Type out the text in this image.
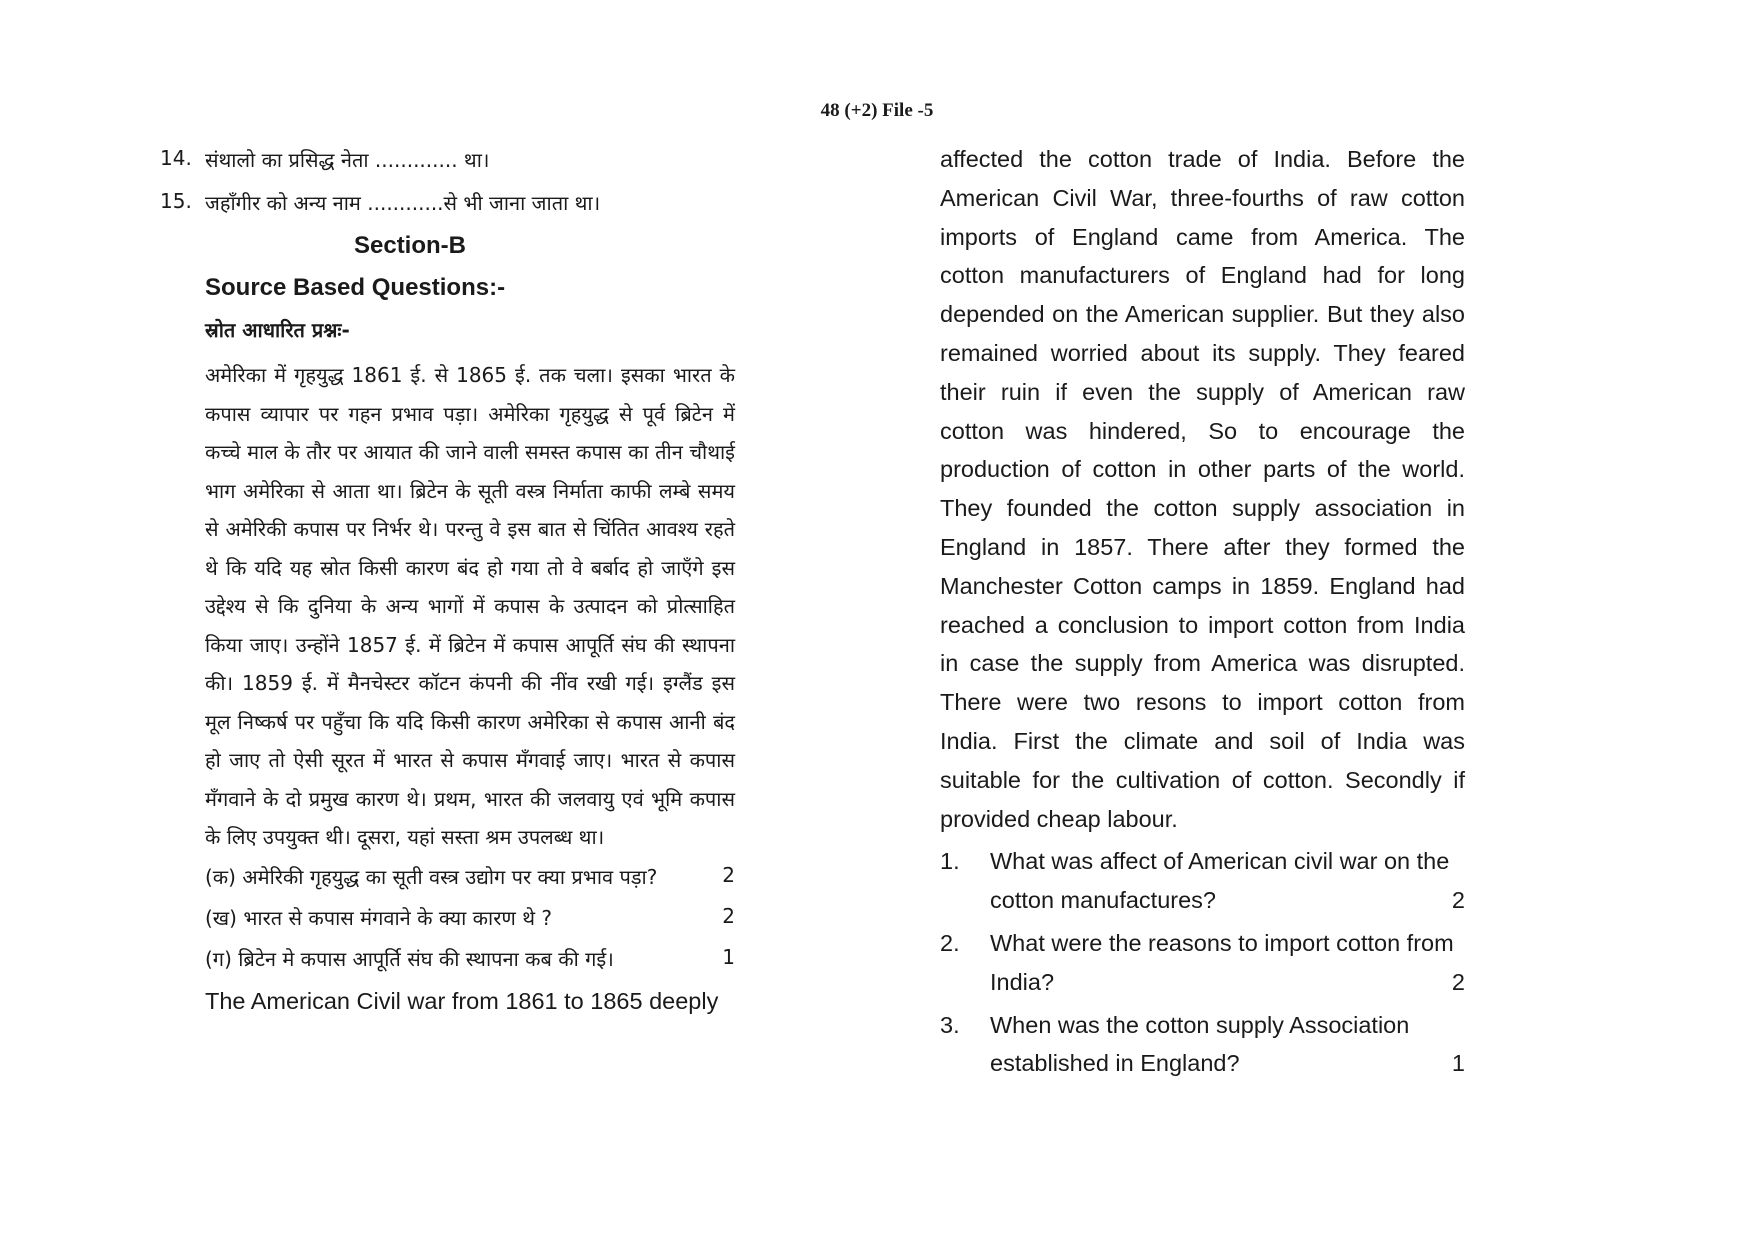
48 (+2) File -5
14. संथालो का प्रसिद्ध नेता ............. था।
15. जहाँगीर को अन्य नाम ............से भी जाना जाता था।
Section-B
Source Based Questions:-
स्रोत आधारित प्रश्नः-
अमेरिका में गृहयुद्ध 1861 ई. से 1865 ई. तक चला। इसका भारत के कपास व्यापार पर गहन प्रभाव पड़ा। अमेरिका गृहयुद्ध से पूर्व ब्रिटेन में कच्चे माल के तौर पर आयात की जाने वाली समस्त कपास का तीन चौथाई भाग अमेरिका से आता था। ब्रिटेन के सूती वस्त्र निर्माता काफी लम्बे समय से अमेरिकी कपास पर निर्भर थे। परन्तु वे इस बात से चिंतित आवश्य रहते थे कि यदि यह स्रोत किसी कारण बंद हो गया तो वे बर्बाद हो जाएँगे इस उद्देश्य से कि दुनिया के अन्य भागों में कपास के उत्पादन को प्रोत्साहित किया जाए। उन्होंने 1857 ई. में ब्रिटेन में कपास आपूर्ति संघ की स्थापना की। 1859 ई. में मैनचेस्टर कॉटन कंपनी की नींव रखी गई। इग्लैंड इस मूल निष्कर्ष पर पहुँचा कि यदि किसी कारण अमेरिका से कपास आनी बंद हो जाए तो ऐसी सूरत में भारत से कपास मँगवाई जाए। भारत से कपास मँगवाने के दो प्रमुख कारण थे। प्रथम, भारत की जलवायु एवं भूमि कपास के लिए उपयुक्त थी। दूसरा, यहां सस्ता श्रम उपलब्ध था।
(क) अमेरिकी गृहयुद्ध का सूती वस्त्र उद्योग पर क्या प्रभाव पड़ा?	2
(ख) भारत से कपास मंगवाने के क्या कारण थे ?	2
(ग) ब्रिटेन मे कपास आपूर्ति संघ की स्थापना कब की गई।	1
The American Civil war from 1861 to 1865 deeply
affected the cotton trade of India. Before the American Civil War, three-fourths of raw cotton imports of England came from America. The cotton manufacturers of England had for long depended on the American supplier. But they also remained worried about its supply. They feared their ruin if even the supply of American raw cotton was hindered, So to encourage the production of cotton in other parts of the world. They founded the cotton supply association in England in 1857. There after they formed the Manchester Cotton camps in 1859. England had reached a conclusion to import cotton from India in case the supply from America was disrupted. There were two resons to import cotton from India. First the climate and soil of India was suitable for the cultivation of cotton. Secondly if provided cheap labour.
1.	What was affect of American civil war on the
cotton manufactures?	2
2.	What were the reasons to import cotton from
India?	2
3.	When was the cotton supply Association
established in England?	1
